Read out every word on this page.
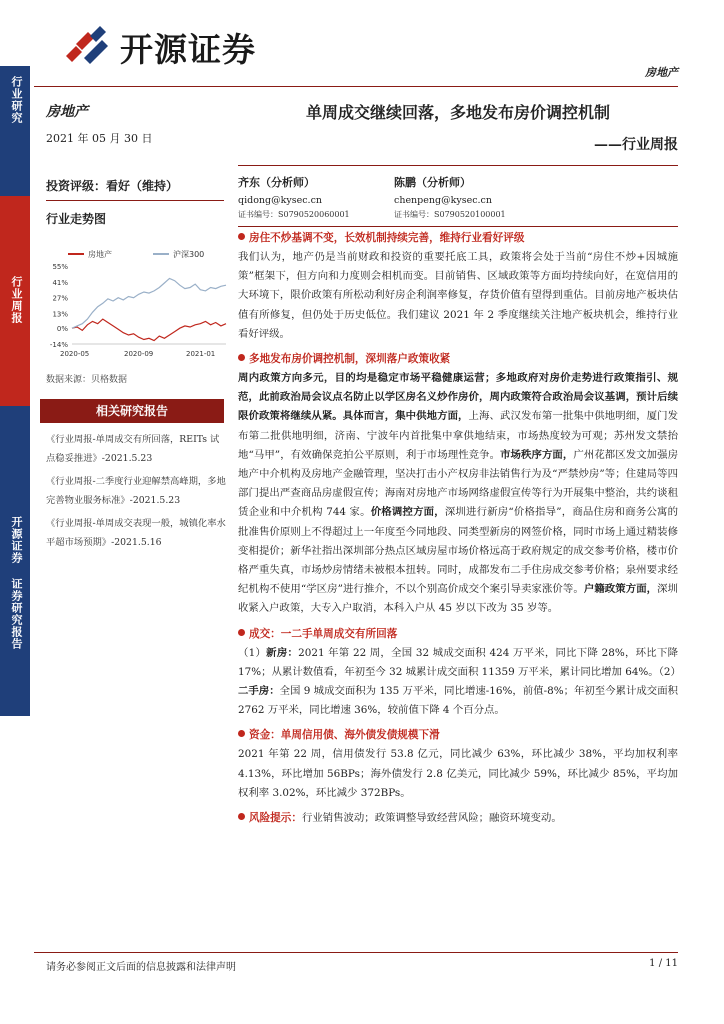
开源证券
房地产
行业研究
行业周报
开源证券 证券研究报告
房地产
2021 年 05 月 30 日
投资评级：看好（维持）
行业走势图
房地产	沪深300
55%
41%
27%
13%
0%
-14%
2020-05	2020-09	2021-01
数据来源：贝格数据
相关研究报告
《行业周报-单周成交有所回落，REITs 试点稳妥推进》-2021.5.23
《行业周报-二季度行业迎解禁高峰期，多地完善物业服务标准》-2021.5.23
《行业周报-单周成交表现一般，城镇化率水平超市场预期》-2021.5.16
单周成交继续回落，多地发布房价调控机制
——行业周报
齐东（分析师）
qidong@kysec.cn
证书编号：S0790520060001
陈鹏（分析师）
chenpeng@kysec.cn
证书编号：S0790520100001
房住不炒基调不变，长效机制持续完善，维持行业看好评级
我们认为，地产仍是当前财政和投资的重要托底工具，政策将会处于当前“房住不炒+因城施策”框架下，但方向和力度则会相机而变。目前销售、区域政策等方面均持续向好，在宽信用的大环境下，限价政策有所松动利好房企利润率修复，存货价值有望得到重估。目前房地产板块估值有所修复，但仍处于历史低位。我们建议 2021 年 2 季度继续关注地产板块机会，维持行业看好评级。
多地发布房价调控机制，深圳落户政策收紧
周内政策方向多元，目的均是稳定市场平稳健康运营；多地政府对房价走势进行政策指引、规范，此前政治局会议点名防止以学区房名义炒作房价，周内政策符合政治局会议基调，预计后续限价政策将继续从紧。具体而言，集中供地方面，上海、武汉发布第一批集中供地明细，厦门发布第二批供地明细，济南、宁波年内首批集中拿供地结束，市场热度较为可观；苏州发文禁抬地“马甲”，有效确保竞拍公平原则，利于市场理性竞争。市场秩序方面，广州花都区发文加强房地产中介机构及房地产金融管理，坚决打击小产权房非法销售行为及“严禁炒房”等；住建局等四部门提出严查商品房虚假宣传；海南对房地产市场网络虚假宣传等行为开展集中整治，共约谈租赁企业和中介机构 744 家。价格调控方面，深圳进行新房“价格指导”，商品住房和商务公寓的批准售价原则上不得超过上一年度至今同地段、同类型新房的网签价格，同时市场上通过精装修变相提价；新华社指出深圳部分热点区域房屋市场价格远高于政府规定的成交参考价格，楼市价格严重失真，市场炒房情绪未被根本扭转。同时，成都发布二手住房成交参考价格；泉州要求经纪机构不使用“学区房”进行推介，不以个别高价成交个案引导卖家涨价等。户籍政策方面，深圳收紧入户政策，大专入户取消，本科入户从 45 岁以下改为 35 岁等。
成交：一二手单周成交有所回落
（1）新房：2021 年第 22 周，全国 32 城成交面积 424 万平米，同比下降 28%，环比下降 17%；从累计数值看，年初至今 32 城累计成交面积 11359 万平米，累计同比增加 64%。（2）二手房：全国 9 城成交面积为 135 万平米，同比增速-16%，前值-8%；年初至今累计成交面积 2762 万平米，同比增速 36%，较前值下降 4 个百分点。
资金：单周信用债、海外债发债规模下滑
2021 年第 22 周，信用债发行 53.8 亿元，同比减少 63%，环比减少 38%，平均加权利率 4.13%，环比增加 56BPs；海外债发行 2.8 亿美元，同比减少 59%，环比减少 85%，平均加权利率 3.02%，环比减少 372BPs。
风险提示：行业销售波动；政策调整导致经营风险；融资环境变动。
请务必参阅正文后面的信息披露和法律声明	1 / 11
